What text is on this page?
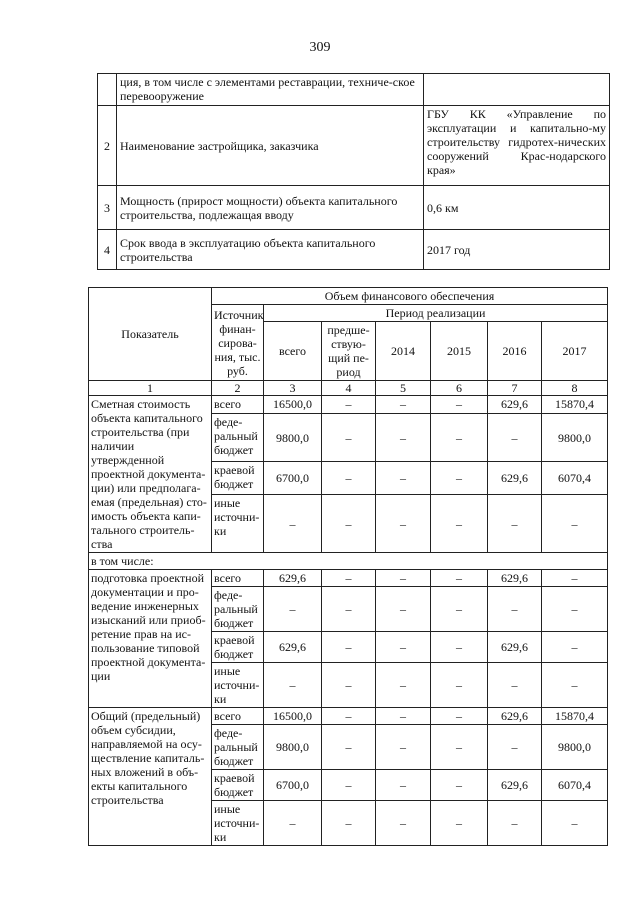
309
	ция, в том числе с элементами реставрации, техниче-ское перевооружение	
2	Наименование застройщика, заказчика	ГБУ КК «Управление по эксплуатации и капитально-му строительству гидротех-нических сооружений Крас-нодарского края»
3	Мощность (прирост мощности) объекта капитального строительства, подлежащая вводу	0,6 км
4	Срок ввода в эксплуатацию объекта капитального строительства	2017 год
Показатель	Объем финансового обеспечения						
	Источник финан-сирова-ния, тыс. руб.	Период реализации					
		всего	предше-ствую-щий пе-риод	2014	2015	2016	2017
1	2	3	4	5	6	7	8
Сметная стоимость объекта капитального строительства (при наличии утвержденной проектной документа-ции) или предполага-емая (предельная) сто-имость объекта капи-тального строитель-ства	всего	16500,0	–	–	–	629,6	15870,4
	феде-ральный бюджет	9800,0	–	–	–	–	9800,0
	краевой бюджет	6700,0	–	–	–	629,6	6070,4
	иные источни-ки	–	–	–	–	–	–
в том числе:							
подготовка проектной документации и про-ведение инженерных изысканий или приоб-ретение прав на ис-пользование типовой проектной документа-ции	всего	629,6	–	–	–	629,6	–
	феде-ральный бюджет	–	–	–	–	–	–
	краевой бюджет	629,6	–	–	–	629,6	–
	иные источни-ки	–	–	–	–	–	–
Общий (предельный) объем субсидии, направляемой на осу-ществление капиталь-ных вложений в объ-екты капитального строительства	всего	16500,0	–	–	–	629,6	15870,4
	феде-ральный бюджет	9800,0	–	–	–	–	9800,0
	краевой бюджет	6700,0	–	–	–	629,6	6070,4
	иные источни-ки	–	–	–	–	–	–
